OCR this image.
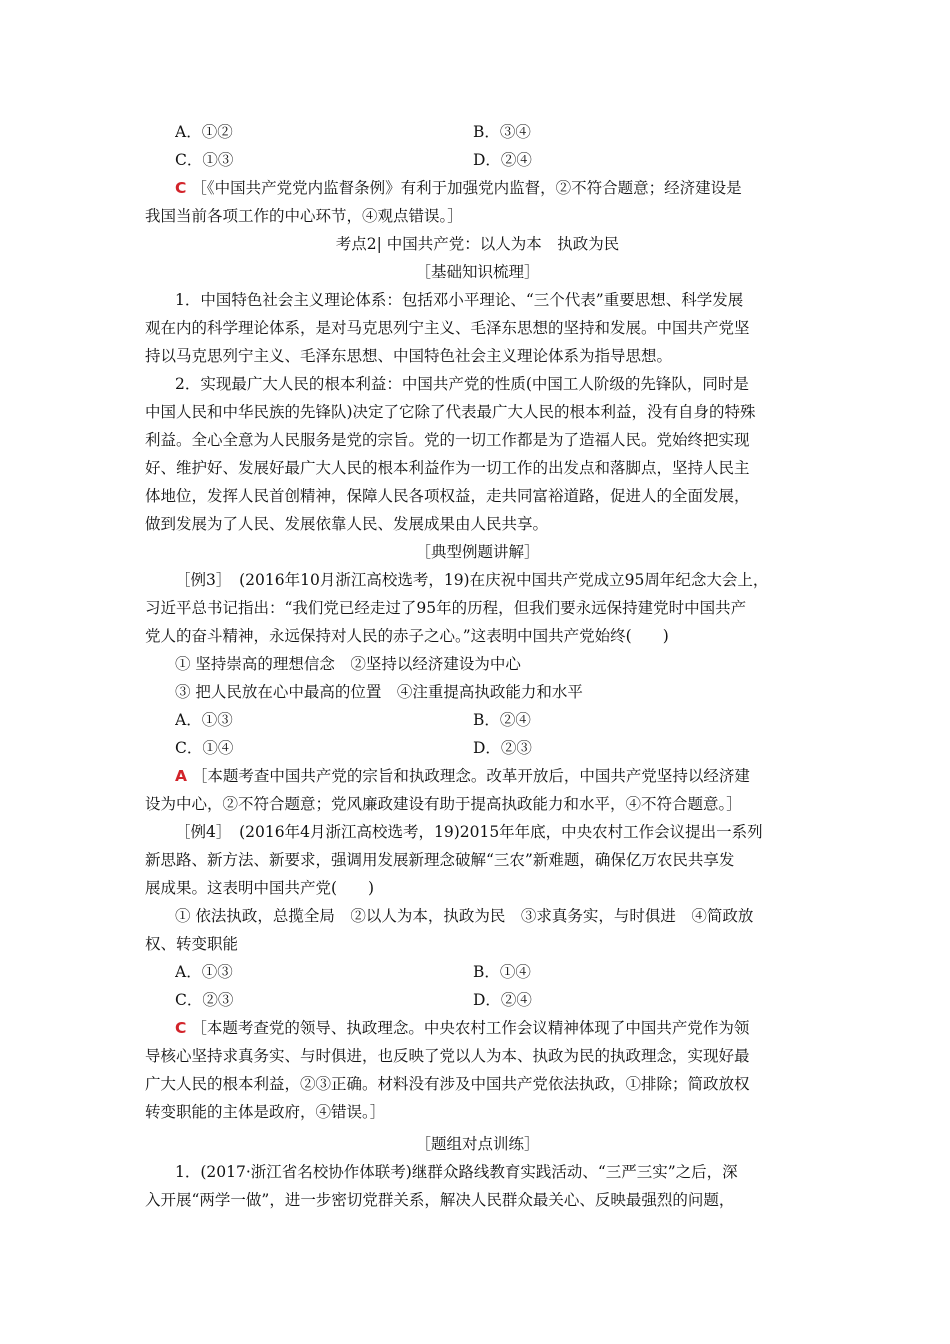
A．①②	B．③④
C．①③	D．②④
C ［《中国共产党党内监督条例》有利于加强党内监督，②不符合题意；经济建设是
我国当前各项工作的中心环节，④观点错误。］
考点2| 中国共产党：以人为本　执政为民
［基础知识梳理］
1．中国特色社会主义理论体系：包括邓小平理论、“三个代表”重要思想、科学发展
观在内的科学理论体系，是对马克思列宁主义、毛泽东思想的坚持和发展。中国共产党坚
持以马克思列宁主义、毛泽东思想、中国特色社会主义理论体系为指导思想。
2．实现最广大人民的根本利益：中国共产党的性质(中国工人阶级的先锋队，同时是
中国人民和中华民族的先锋队)决定了它除了代表最广大人民的根本利益，没有自身的特殊
利益。全心全意为人民服务是党的宗旨。党的一切工作都是为了造福人民。党始终把实现
好、维护好、发展好最广大人民的根本利益作为一切工作的出发点和落脚点，坚持人民主
体地位，发挥人民首创精神，保障人民各项权益，走共同富裕道路，促进人的全面发展，
做到发展为了人民、发展依靠人民、发展成果由人民共享。
［典型例题讲解］
［例3］　(2016年10月浙江高校选考，19)在庆祝中国共产党成立95周年纪念大会上，
习近平总书记指出：“我们党已经走过了95年的历程，但我们要永远保持建党时中国共产
党人的奋斗精神，永远保持对人民的赤子之心。”这表明中国共产党始终(　　)
① 坚持崇高的理想信念　②坚持以经济建设为中心
③ 把人民放在心中最高的位置　④注重提高执政能力和水平
A．①③	B．②④
C．①④	D．②③
A ［本题考查中国共产党的宗旨和执政理念。改革开放后，中国共产党坚持以经济建
设为中心，②不符合题意；党风廉政建设有助于提高执政能力和水平，④不符合题意。］
［例4］　(2016年4月浙江高校选考，19)2015年年底，中央农村工作会议提出一系列
新思路、新方法、新要求，强调用发展新理念破解“三农”新难题，确保亿万农民共享发
展成果。这表明中国共产党(　　)
① 依法执政，总揽全局　②以人为本，执政为民　③求真务实，与时俱进　④简政放
权、转变职能
A．①③	B．①④
C．②③	D．②④
C ［本题考查党的领导、执政理念。中央农村工作会议精神体现了中国共产党作为领
导核心坚持求真务实、与时俱进，也反映了党以人为本、执政为民的执政理念，实现好最
广大人民的根本利益，②③正确。材料没有涉及中国共产党依法执政，①排除；简政放权
转变职能的主体是政府，④错误。］
［题组对点训练］
1．(2017·浙江省名校协作体联考)继群众路线教育实践活动、“三严三实”之后，深
入开展“两学一做”，进一步密切党群关系，解决人民群众最关心、反映最强烈的问题，
